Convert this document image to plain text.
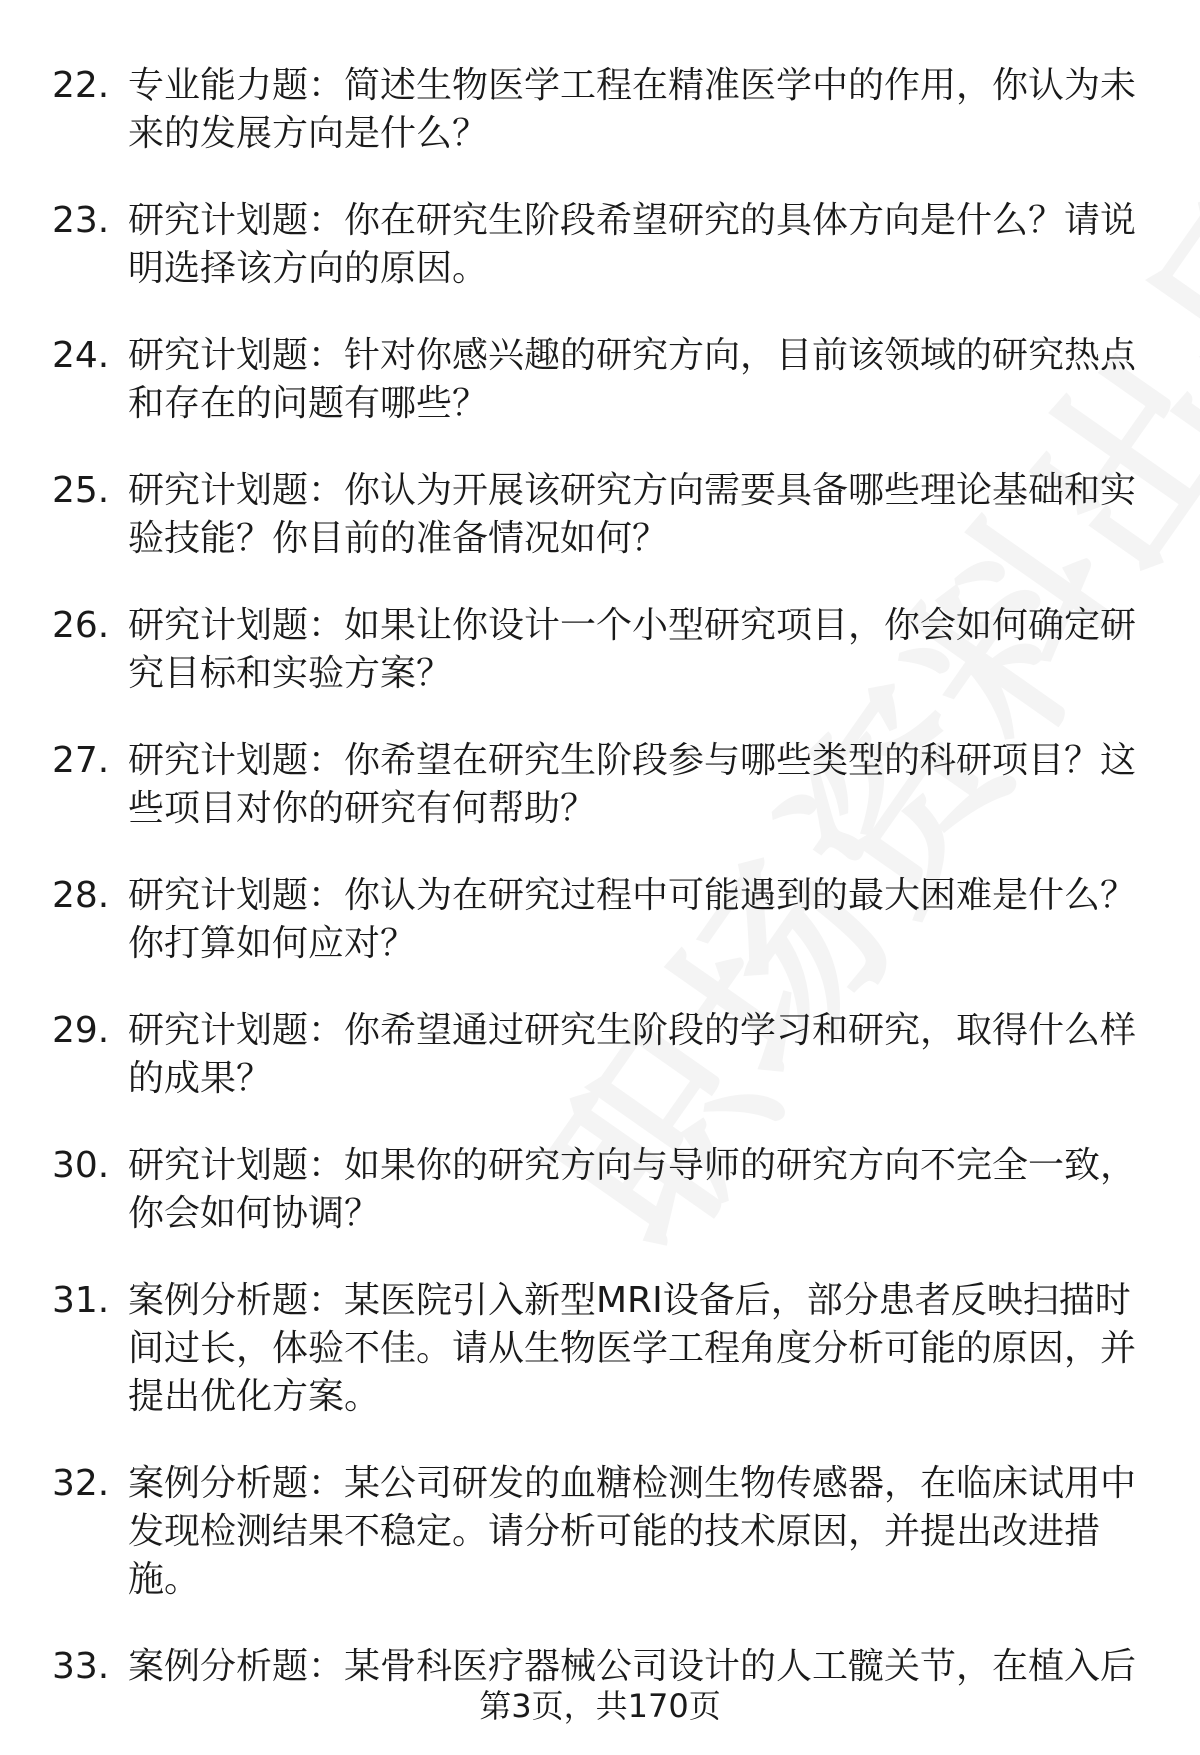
22. 专业能力题：简述生物医学工程在精准医学中的作用，你认为未来的发展方向是什么？
23. 研究计划题：你在研究生阶段希望研究的具体方向是什么？请说明选择该方向的原因。
24. 研究计划题：针对你感兴趣的研究方向，目前该领域的研究热点和存在的问题有哪些？
25. 研究计划题：你认为开展该研究方向需要具备哪些理论基础和实验技能？你目前的准备情况如何？
26. 研究计划题：如果让你设计一个小型研究项目，你会如何确定研究目标和实验方案？
27. 研究计划题：你希望在研究生阶段参与哪些类型的科研项目？这些项目对你的研究有何帮助？
28. 研究计划题：你认为在研究过程中可能遇到的最大困难是什么？你打算如何应对？
29. 研究计划题：你希望通过研究生阶段的学习和研究，取得什么样的成果？
30. 研究计划题：如果你的研究方向与导师的研究方向不完全一致，你会如何协调？
31. 案例分析题：某医院引入新型MRI设备后，部分患者反映扫描时间过长，体验不佳。请从生物医学工程角度分析可能的原因，并提出优化方案。
32. 案例分析题：某公司研发的血糖检测生物传感器，在临床试用中发现检测结果不稳定。请分析可能的技术原因，并提出改进措施。
33. 案例分析题：某骨科医疗器械公司设计的人工髋关节，在植入后
第3页，共170页
